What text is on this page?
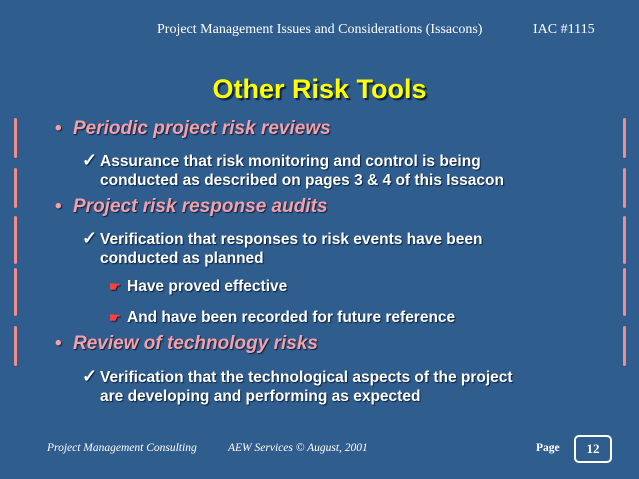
Project Management Issues and Considerations (Issacons)	IAC #1115
Other Risk Tools
• Periodic project risk reviews
✓ Assurance that risk monitoring and control is being
conducted as described on pages 3 & 4 of this Issacon
• Project risk response audits
✓ Verification that responses to risk events have been
conducted as planned
☛ Have proved effective
☛ And have been recorded for future reference
• Review of technology risks
✓ Verification that the technological aspects of the project
are developing and performing as expected
Project Management Consulting	AEW Services © August, 2001	Page	12
